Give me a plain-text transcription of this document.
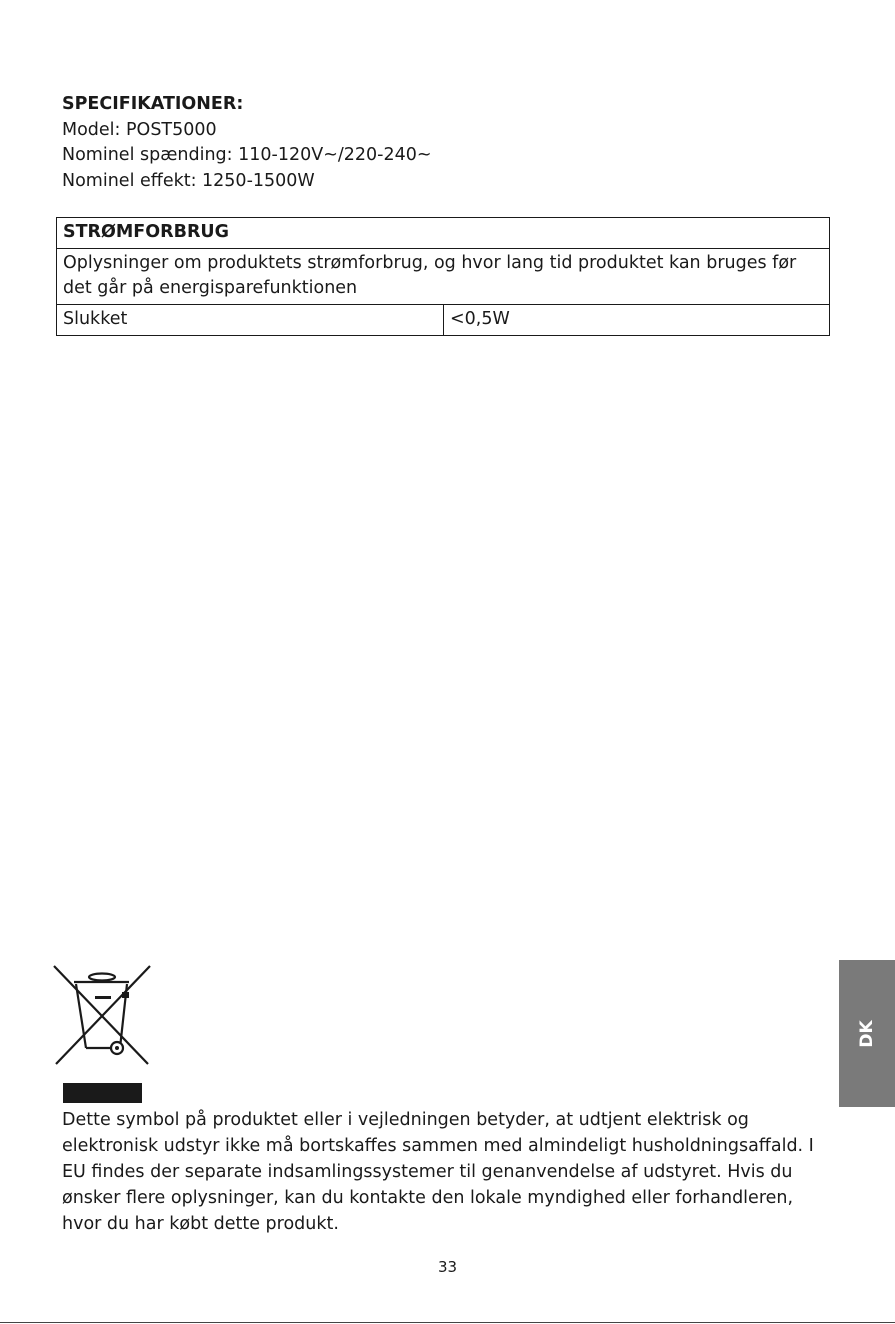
SPECIFIKATIONER:
Model: POST5000
Nominel spænding: 110-120V~/220-240~
Nominel effekt: 1250-1500W
STRØMFORBRUG
Oplysninger om produktets strømforbrug, og hvor lang tid produktet kan bruges før det går på energisparefunktionen
Slukket	<0,5W
Dette symbol på produktet eller i vejledningen betyder, at udtjent elektrisk og elektronisk udstyr ikke må bortskaffes sammen med almindeligt husholdningsaffald. I EU findes der separate indsamlingssystemer til genanvendelse af udstyret. Hvis du ønsker flere oplysninger, kan du kontakte den lokale myndighed eller forhandleren, hvor du har købt dette produkt.
DK
33
